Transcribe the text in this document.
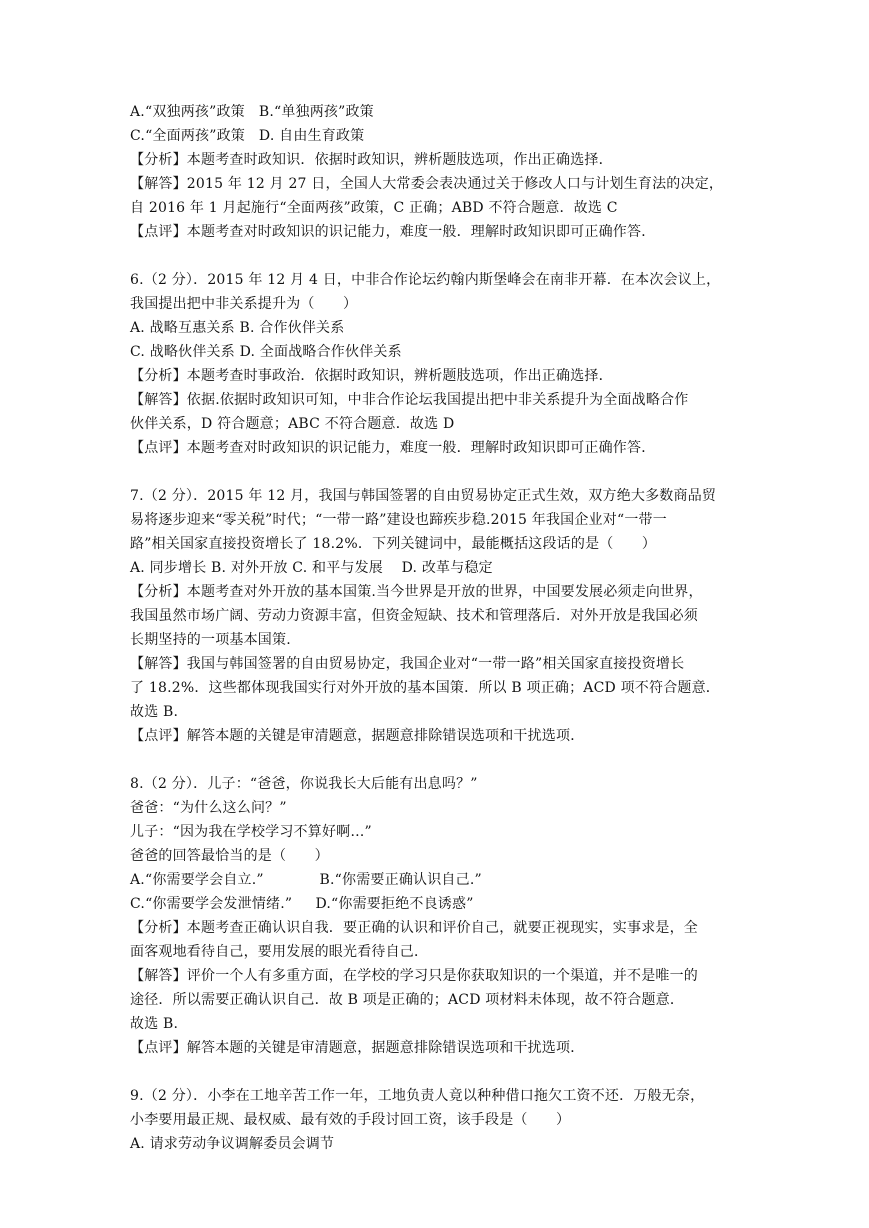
A.“双独两孩”政策   B.“单独两孩”政策
C.“全面两孩”政策   D. 自由生育政策
【分析】本题考查时政知识．依据时政知识，辨析题肢选项，作出正确选择．
【解答】2015 年 12 月 27 日，全国人大常委会表决通过关于修改人口与计划生育法的决定，
自 2016 年 1 月起施行“全面两孩”政策，C 正确；ABD 不符合题意．故选 C
【点评】本题考查对时政知识的识记能力，难度一般．理解时政知识即可正确作答．
6.（2 分）．2015 年 12 月 4 日，中非合作论坛约翰内斯堡峰会在南非开幕．在本次会议上，
我国提出把中非关系提升为（　　）
A. 战略互惠关系 B. 合作伙伴关系
C. 战略伙伴关系 D. 全面战略合作伙伴关系
【分析】本题考查时事政治．依据时政知识，辨析题肢选项，作出正确选择．
【解答】依据.依据时政知识可知，中非合作论坛我国提出把中非关系提升为全面战略合作
伙伴关系，D 符合题意；ABC 不符合题意．故选 D
【点评】本题考查对时政知识的识记能力，难度一般．理解时政知识即可正确作答．
7.（2 分）．2015 年 12 月，我国与韩国签署的自由贸易协定正式生效，双方绝大多数商品贸
易将逐步迎来“零关税”时代；“一带一路”建设也蹄疾步稳.2015 年我国企业对“一带一
路”相关国家直接投资增长了 18.2%．下列关键词中，最能概括这段话的是（　　）
A. 同步增长 B. 对外开放 C. 和平与发展    D. 改革与稳定
【分析】本题考查对外开放的基本国策.当今世界是开放的世界，中国要发展必须走向世界，
我国虽然市场广阔、劳动力资源丰富，但资金短缺、技术和管理落后．对外开放是我国必须
长期坚持的一项基本国策.
【解答】我国与韩国签署的自由贸易协定，我国企业对“一带一路”相关国家直接投资增长
了 18.2%．这些都体现我国实行对外开放的基本国策．所以 B 项正确；ACD 项不符合题意．
故选 B.
【点评】解答本题的关键是审清题意，据题意排除错误选项和干扰选项．
8.（2 分）．儿子：“爸爸，你说我长大后能有出息吗？”
爸爸：“为什么这么问？”
儿子：“因为我在学校学习不算好啊…”
爸爸的回答最恰当的是（　　）
A.“你需要学会自立.”            B.“你需要正确认识自己.”
C.“你需要学会发泄情绪.”     D.“你需要拒绝不良诱惑”
【分析】本题考查正确认识自我．要正确的认识和评价自己，就要正视现实，实事求是，全
面客观地看待自己，要用发展的眼光看待自己．
【解答】评价一个人有多重方面，在学校的学习只是你获取知识的一个渠道，并不是唯一的
途径．所以需要正确认识自己．故 B 项是正确的；ACD 项材料未体现，故不符合题意．
故选 B.
【点评】解答本题的关键是审清题意，据题意排除错误选项和干扰选项．
9.（2 分）．小李在工地辛苦工作一年，工地负责人竟以种种借口拖欠工资不还．万般无奈，
小李要用最正规、最权威、最有效的手段讨回工资，该手段是（　　）
A. 请求劳动争议调解委员会调节
